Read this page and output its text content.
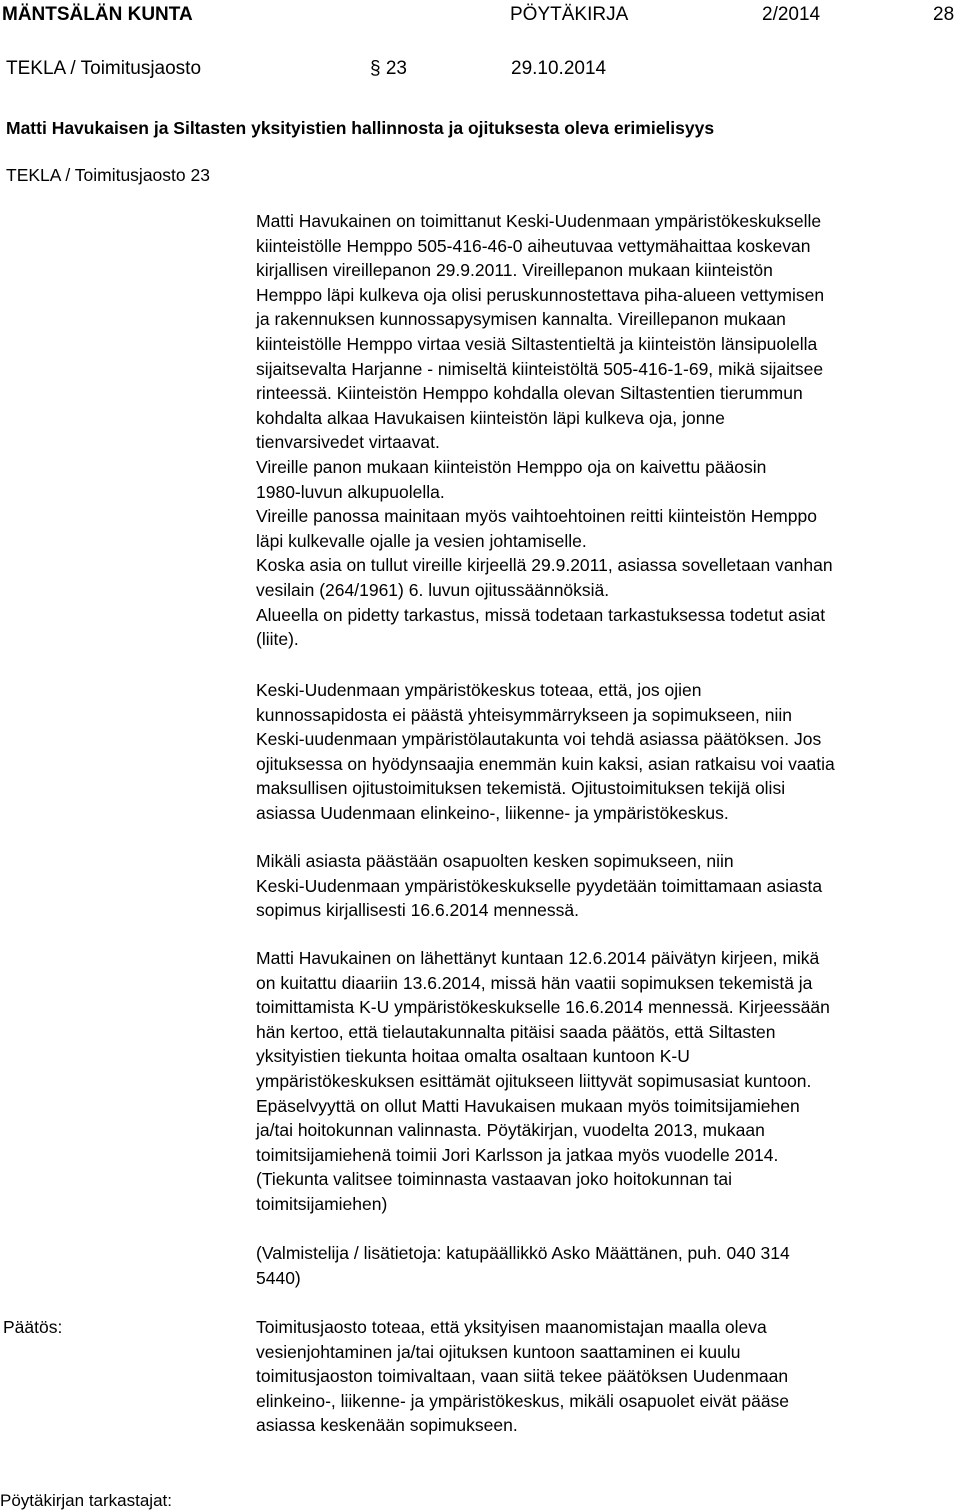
MÄNTSÄLÄN KUNTA	PÖYTÄKIRJA	2/2014	28
TEKLA / Toimitusjaosto	§ 23	29.10.2014
Matti Havukaisen ja Siltasten yksityistien hallinnosta ja ojituksesta oleva erimielisyys
TEKLA / Toimitusjaosto 23

Matti Havukainen on toimittanut Keski-Uudenmaan ympäristökeskukselle

kiinteistölle Hemppo 505-416-46-0 aiheutuvaa vettymähaittaa koskevan

kirjallisen vireillepanon 29.9.2011. Vireillepanon mukaan kiinteistön

Hemppo läpi kulkeva oja olisi peruskunnostettava piha-alueen vettymisen

ja rakennuksen kunnossapysymisen kannalta. Vireillepanon mukaan

kiinteistölle Hemppo virtaa vesiä Siltastentieltä ja kiinteistön länsipuolella

sijaitsevalta Harjanne - nimiseltä kiinteistöltä 505-416-1-69, mikä sijaitsee

rinteessä. Kiinteistön Hemppo kohdalla olevan Siltastentien tierummun

kohdalta alkaa Havukaisen kiinteistön läpi kulkeva oja, jonne

tienvarsivedet virtaavat.

Vireille panon mukaan kiinteistön Hemppo oja on kaivettu pääosin

1980-luvun alkupuolella.

Vireille panossa mainitaan myös vaihtoehtoinen reitti kiinteistön Hemppo

läpi kulkevalle ojalle ja vesien johtamiselle.

Koska asia on tullut vireille kirjeellä 29.9.2011, asiassa sovelletaan vanhan

vesilain (264/1961) 6. luvun ojitussäännöksiä.

Alueella on pidetty tarkastus, missä todetaan tarkastuksessa todetut asiat

(liite).

Keski-Uudenmaan ympäristökeskus toteaa, että, jos ojien

kunnossapidosta ei päästä yhteisymmärrykseen ja sopimukseen, niin

Keski-uudenmaan ympäristölautakunta voi tehdä asiassa päätöksen. Jos

ojituksessa on hyödynsaajia enemmän kuin kaksi, asian ratkaisu voi vaatia

maksullisen ojitustoimituksen tekemistä. Ojitustoimituksen tekijä olisi

asiassa Uudenmaan elinkeino-, liikenne- ja ympäristökeskus.

Mikäli asiasta päästään osapuolten kesken sopimukseen, niin

Keski-Uudenmaan ympäristökeskukselle pyydetään toimittamaan asiasta

sopimus kirjallisesti 16.6.2014 mennessä.

Matti Havukainen on lähettänyt kuntaan 12.6.2014 päivätyn kirjeen, mikä

on kuitattu diaariin 13.6.2014, missä hän vaatii sopimuksen tekemistä ja

toimittamista K-U ympäristökeskukselle 16.6.2014 mennessä. Kirjeessään

hän kertoo, että tielautakunnalta pitäisi saada päätös, että Siltasten

yksityistien tiekunta hoitaa omalta osaltaan kuntoon K-U

ympäristökeskuksen esittämät ojitukseen liittyvät sopimusasiat kuntoon.

Epäselvyyttä on ollut Matti Havukaisen mukaan myös toimitsijamiehen

ja/tai hoitokunnan valinnasta. Pöytäkirjan, vuodelta 2013, mukaan

toimitsijamiehenä toimii Jori Karlsson ja jatkaa myös vuodelle 2014.

(Tiekunta valitsee toiminnasta vastaavan joko hoitokunnan tai

toimitsijamiehen)

(Valmistelija / lisätietoja: katupäällikkö Asko Määttänen, puh. 040 314

5440)

Päätös:	Toimitusjaosto toteaa, että yksityisen maanomistajan maalla oleva

vesienjohtaminen ja/tai ojituksen kuntoon saattaminen ei kuulu

toimitusjaoston toimivaltaan, vaan siitä tekee päätöksen Uudenmaan

elinkeino-, liikenne- ja ympäristökeskus, mikäli osapuolet eivät pääse

asiassa keskenään sopimukseen.

Pöytäkirjan tarkastajat:
